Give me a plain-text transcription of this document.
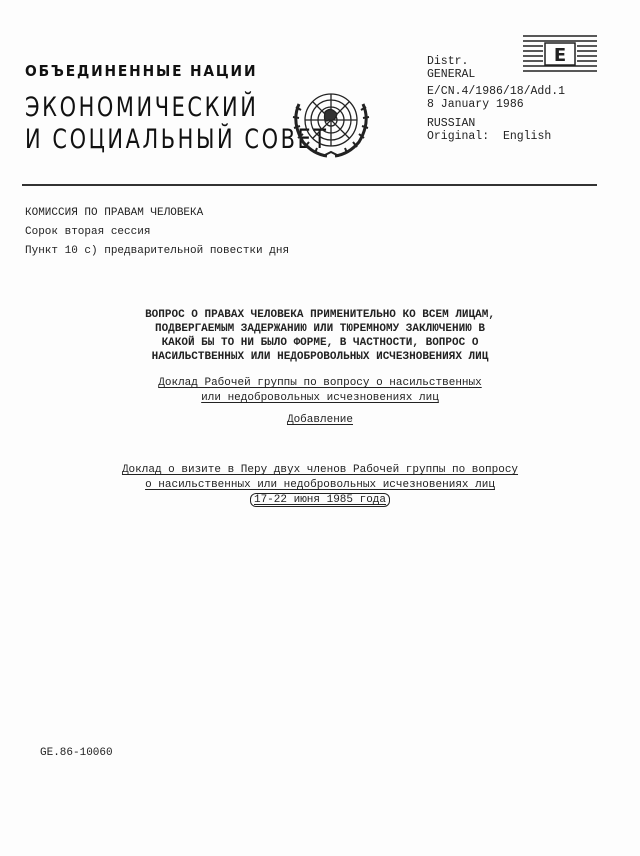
ОБЪЕДИНЕННЫЕ НАЦИИ
ЭКОНОМИЧЕСКИЙ
И СОЦИАЛЬНЫЙ СОВЕТ
E
Distr.
GENERAL
E/CN.4/1986/18/Add.1
8 January 1986
RUSSIAN
Original: English
КОМИССИЯ ПО ПРАВАМ ЧЕЛОВЕКА
Сорок вторая сессия
Пункт 10 c) предварительной повестки дня
ВОПРОС О ПРАВАХ ЧЕЛОВЕКА ПРИМЕНИТЕЛЬНО КО ВСЕМ ЛИЦАМ,
ПОДВЕРГАЕМЫМ ЗАДЕРЖАНИЮ ИЛИ ТЮРЕМНОМУ ЗАКЛЮЧЕНИЮ В
КАКОЙ БЫ ТО НИ БЫЛО ФОРМЕ, В ЧАСТНОСТИ, ВОПРОС О
НАСИЛЬСТВЕННЫХ ИЛИ НЕДОБРОВОЛЬНЫХ ИСЧЕЗНОВЕНИЯХ ЛИЦ
Доклад Рабочей группы по вопросу о насильственных
или недобровольных исчезновениях лиц
Добавление
Доклад о визите в Перу двух членов Рабочей группы по вопросу
о насильственных или недобровольных исчезновениях лиц
17-22 июня 1985 года
GE.86-10060
